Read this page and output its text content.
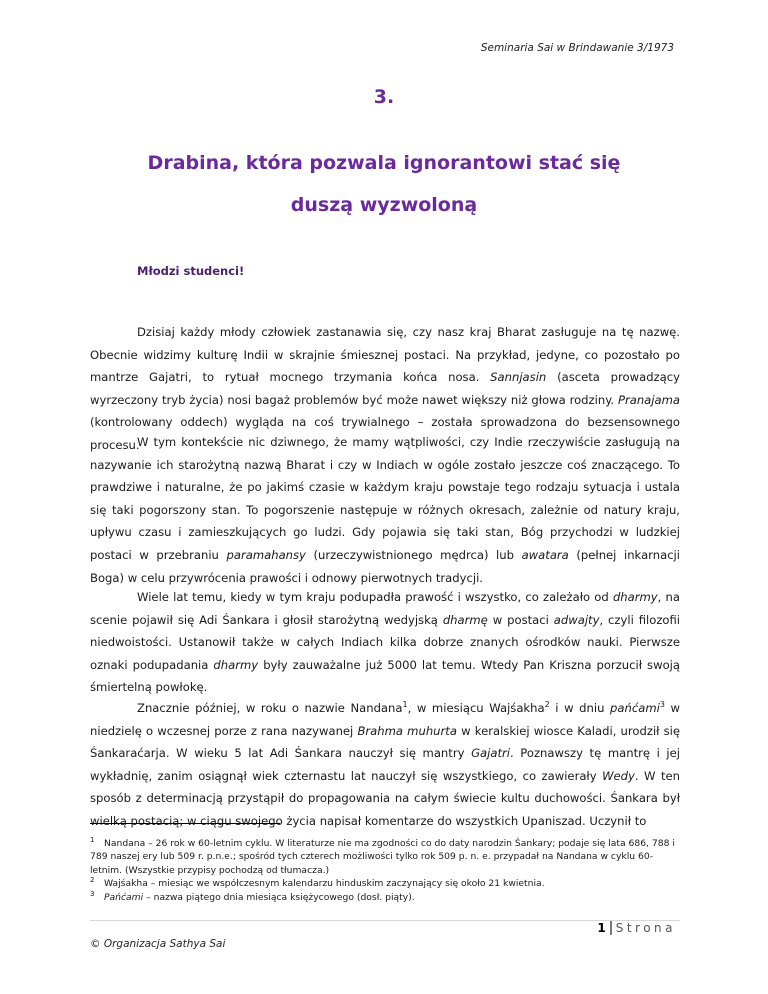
Seminaria Sai w Brindawanie 3/1973
3.
Drabina, która pozwala ignorantowi stać się duszą wyzwoloną
Młodzi studenci!

Dzisiaj każdy młody człowiek zastanawia się, czy nasz kraj Bharat zasługuje na tę nazwę. Obecnie widzimy kulturę Indii w skrajnie śmiesznej postaci. Na przykład, jedyne, co pozostało po mantrze Gajatri, to rytuał mocnego trzymania końca nosa. Sannjasin (asceta prowadzący wyrzeczony tryb życia) nosi bagaż problemów być może nawet większy niż głowa rodziny. Pranajama (kontrolowany oddech) wygląda na coś trywialnego – została sprowadzona do bezsensownego procesu.

W tym kontekście nic dziwnego, że mamy wątpliwości, czy Indie rzeczywiście zasługują na nazywanie ich starożytną nazwą Bharat i czy w Indiach w ogóle zostało jeszcze coś znaczącego. To prawdziwe i naturalne, że po jakimś czasie w każdym kraju powstaje tego rodzaju sytuacja i ustala się taki pogorszony stan. To pogorszenie następuje w różnych okresach, zależnie od natury kraju, upływu czasu i zamieszkujących go ludzi. Gdy pojawia się taki stan, Bóg przychodzi w ludzkiej postaci w przebraniu paramahansy (urzeczywistnionego mędrca) lub awatara (pełnej inkarnacji Boga) w celu przywrócenia prawości i odnowy pierwotnych tradycji.

Wiele lat temu, kiedy w tym kraju podupadła prawość i wszystko, co zależało od dharmy, na scenie pojawił się Adi Śankara i głosił starożytną wedyjską dharmę w postaci adwajty, czyli filozofii niedwoistości. Ustanowił także w całych Indiach kilka dobrze znanych ośrodków nauki. Pierwsze oznaki podupadania dharmy były zauważalne już 5000 lat temu. Wtedy Pan Kriszna porzucił swoją śmiertelną powłokę.

Znacznie później, w roku o nazwie Nandana$^1$, w miesiącu Wajśakha$^2$ i w dniu pańćami$^3$ w niedzielę o wczesnej porze z rana nazywanej Brahma muhurta w keralskiej wiosce Kaladi, urodził się Śankaraćarja. W wieku 5 lat Adi Śankara nauczył się mantry Gajatri. Poznawszy tę mantrę i jej wykładnię, zanim osiągnął wiek czternastu lat nauczył się wszystkiego, co zawierały Wedy. W ten sposób z determinacją przystąpił do propagowania na całym świecie kultu duchowości. Śankara był wielką postacią; w ciągu swojego życia napisał komentarze do wszystkich Upaniszad. Uczynił to

$^1$ Nandana – 26 rok w 60-letnim cyklu. W literaturze nie ma zgodności co do daty narodzin Śankary; podaje się lata 686, 788 i 789 naszej ery lub 509 r. p.n.e.; spośród tych czterech możliwości tylko rok 509 p. n. e. przypadał na Nandana w cyklu 60-letnim. (Wszystkie przypisy pochodzą od tłumacza.)

$^2$ Wajśakha – miesiąc we współczesnym kalendarzu hinduskim zaczynający się około 21 kwietnia.

$^3$ Pańćami – nazwa piątego dnia miesiąca księżycowego (dosł. piąty).

1 Strona
© Organizacja Sathya Sai
